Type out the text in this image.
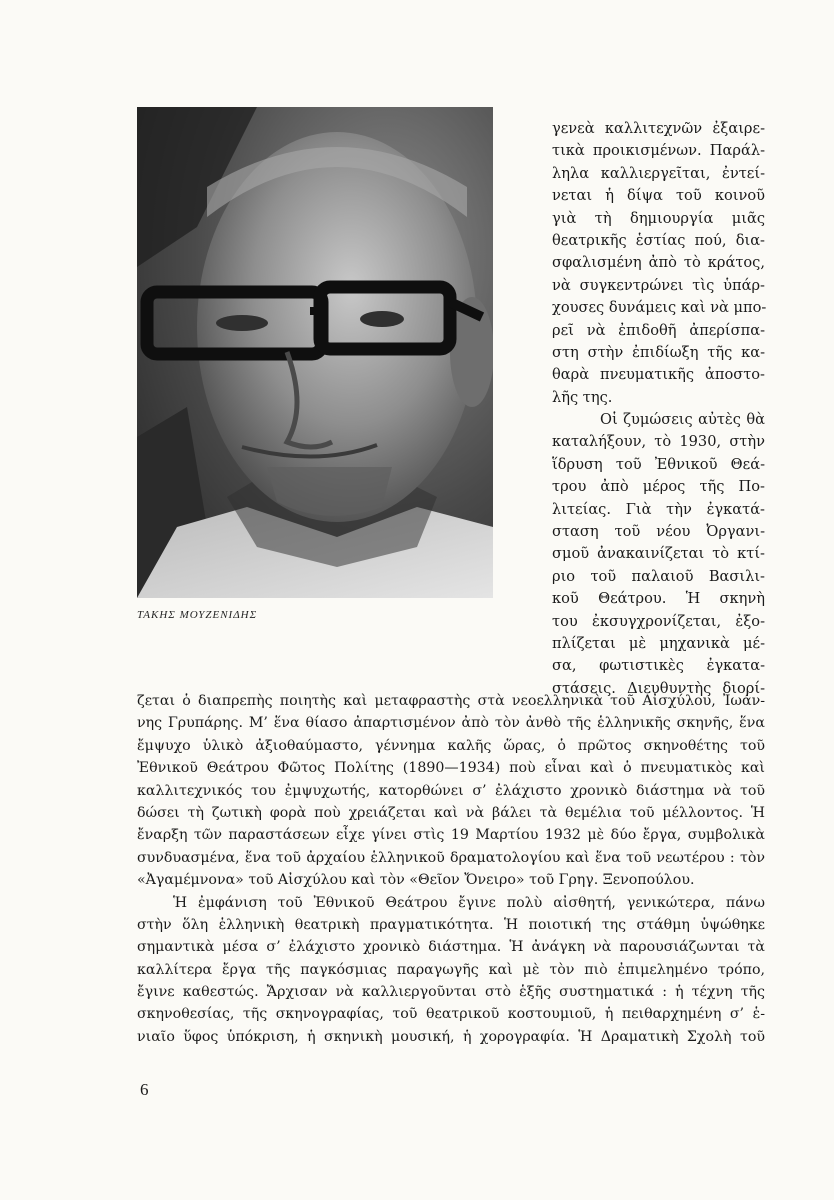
ΤΑΚΗΣ ΜΟΥΖΕΝΙΔΗΣ
γενεὰ καλλιτεχνῶν ἐξαιρε-
τικὰ προικισμένων. Παράλ-
ληλα καλλιεργεῖται, ἐντεί-
νεται ἡ δίψα τοῦ κοινοῦ
γιὰ τὴ δημιουργία μιᾶς
θεατρικῆς ἑστίας πού, δια-
σφαλισμένη ἀπὸ τὸ κράτος,
νὰ συγκεντρώνει τὶς ὑπάρ-
χουσες δυνάμεις καὶ νὰ μπο-
ρεῖ νὰ ἐπιδοθῆ ἀπερίσπα-
στη στὴν ἐπιδίωξη τῆς κα-
θαρὰ πνευματικῆς ἀποστο-
λῆς της.
Οἱ ζυμώσεις αὐτὲς θὰ
καταλήξουν, τὸ 1930, στὴν
ἵδρυση τοῦ Ἐθνικοῦ Θεά-
τρου ἀπὸ μέρος τῆς Πο-
λιτείας. Γιὰ τὴν ἐγκατά-
σταση τοῦ νέου Ὀργανι-
σμοῦ ἀνακαινίζεται τὸ κτί-
ριο τοῦ παλαιοῦ Βασιλι-
κοῦ Θεάτρου. Ἡ σκηνὴ
του ἐκσυγχρονίζεται, ἐξο-
πλίζεται μὲ μηχανικὰ μέ-
σα, φωτιστικὲς ἐγκατα-
στάσεις. Διευθυντὴς διορί-
ζεται ὁ διαπρεπὴς ποιητὴς καὶ μεταφραστὴς στὰ νεοελληνικὰ τοῦ Αἰσχύλου, Ἰωάν-
νης Γρυπάρης. Μ’ ἕνα θίασο ἀπαρτισμένον ἀπὸ τὸν ἀνθὸ τῆς ἑλληνικῆς σκηνῆς, ἕνα
ἔμψυχο ὑλικὸ ἀξιοθαύμαστο, γέννημα καλῆς ὥρας, ὁ πρῶτος σκηνοθέτης τοῦ
Ἐθνικοῦ Θεάτρου Φῶτος Πολίτης (1890—1934) ποὺ εἶναι καὶ ὁ πνευματικὸς καὶ
καλλιτεχνικός του ἐμψυχωτής, κατορθώνει σ’ ἐλάχιστο χρονικὸ διάστημα νὰ τοῦ
δώσει τὴ ζωτικὴ φορὰ ποὺ χρειάζεται καὶ νὰ βάλει τὰ θεμέλια τοῦ μέλλοντος. Ἡ
ἔναρξη τῶν παραστάσεων εἶχε γίνει στὶς 19 Μαρτίου 1932 μὲ δύο ἔργα, συμβολικὰ
συνδυασμένα, ἕνα τοῦ ἀρχαίου ἑλληνικοῦ δραματολογίου καὶ ἕνα τοῦ νεωτέρου : τὸν
«Ἀγαμέμνονα» τοῦ Αἰσχύλου καὶ τὸν «Θεῖον Ὄνειρο» τοῦ Γρηγ. Ξενοπούλου.
Ἡ ἐμφάνιση τοῦ Ἐθνικοῦ Θεάτρου ἔγινε πολὺ αἰσθητή, γενικώτερα, πάνω
στὴν ὅλη ἑλληνικὴ θεατρικὴ πραγματικότητα. Ἡ ποιοτική της στάθμη ὑψώθηκε
σημαντικὰ μέσα σ’ ἐλάχιστο χρονικὸ διάστημα. Ἡ ἀνάγκη νὰ παρουσιάζωνται τὰ
καλλίτερα ἔργα τῆς παγκόσμιας παραγωγῆς καὶ μὲ τὸν πιὸ ἐπιμελημένο τρόπο,
ἔγινε καθεστώς. Ἄρχισαν νὰ καλλιεργοῦνται στὸ ἑξῆς συστηματικά : ἡ τέχνη τῆς
σκηνοθεσίας, τῆς σκηνογραφίας, τοῦ θεατρικοῦ κοστουμιοῦ, ἡ πειθαρχημένη σ’ ἑ-
νιαῖο ὕφος ὑπόκριση, ἡ σκηνικὴ μουσική, ἡ χορογραφία. Ἡ Δραματικὴ Σχολὴ τοῦ
6
